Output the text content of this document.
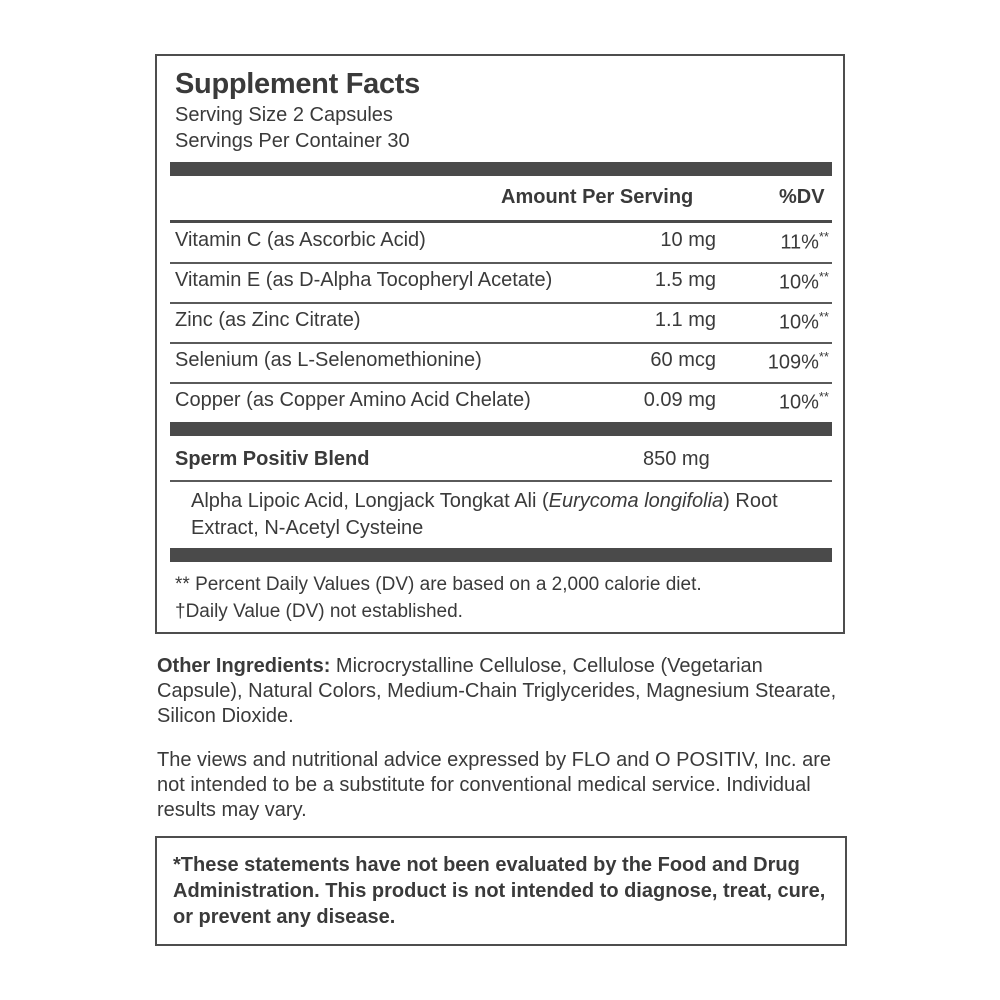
Supplement Facts
Serving Size 2 Capsules
Servings Per Container 30
Amount Per Serving	%DV
Vitamin C (as Ascorbic Acid)	10 mg	11%**
Vitamin E (as D-Alpha Tocopheryl Acetate)	1.5 mg	10%**
Zinc (as Zinc Citrate)	1.1 mg	10%**
Selenium (as L-Selenomethionine)	60 mcg	109%**
Copper (as Copper Amino Acid Chelate)	0.09 mg	10%**
Sperm Positiv Blend	850 mg
Alpha Lipoic Acid, Longjack Tongkat Ali (Eurycoma longifolia) Root Extract, N-Acetyl Cysteine
** Percent Daily Values (DV) are based on a 2,000 calorie diet.
†Daily Value (DV) not established.
Other Ingredients: Microcrystalline Cellulose, Cellulose (Vegetarian Capsule), Natural Colors, Medium-Chain Triglycerides, Magnesium Stearate, Silicon Dioxide.
The views and nutritional advice expressed by FLO and O POSITIV, Inc. are not intended to be a substitute for conventional medical service. Individual results may vary.

*These statements have not been evaluated by the Food and Drug Administration. This product is not intended to diagnose, treat, cure, or prevent any disease.
